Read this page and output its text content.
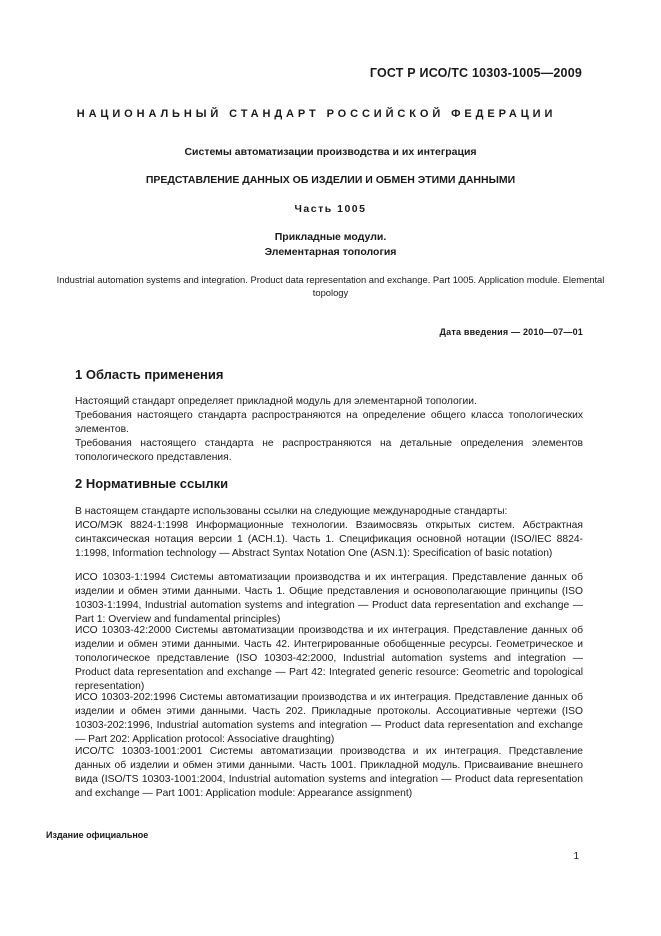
ГОСТ Р ИСО/ТС 10303-1005—2009
НАЦИОНАЛЬНЫЙ СТАНДАРТ РОССИЙСКОЙ ФЕДЕРАЦИИ
Системы автоматизации производства и их интеграция
ПРЕДСТАВЛЕНИЕ ДАННЫХ ОБ ИЗДЕЛИИ И ОБМЕН ЭТИМИ ДАННЫМИ
Часть 1005
Прикладные модули.
Элементарная топология
Industrial automation systems and integration. Product data representation and exchange. Part 1005. Application module. Elemental topology
Дата введения — 2010—07—01
1 Область применения
Настоящий стандарт определяет прикладной модуль для элементарной топологии.
Требования настоящего стандарта распространяются на определение общего класса топологических элементов.
Требования настоящего стандарта не распространяются на детальные определения элементов топологического представления.
2 Нормативные ссылки
В настоящем стандарте использованы ссылки на следующие международные стандарты:
ИСО/МЭК 8824-1:1998 Информационные технологии. Взаимосвязь открытых систем. Абстрактная синтаксическая нотация версии 1 (АСН.1). Часть 1. Спецификация основной нотации (ISO/IEC 8824-1:1998, Information technology — Abstract Syntax Notation One (ASN.1): Specification of basic notation)
ИСО 10303-1:1994 Системы автоматизации производства и их интеграция. Представление данных об изделии и обмен этими данными. Часть 1. Общие представления и основополагающие принципы (ISO 10303-1:1994, Industrial automation systems and integration — Product data representation and exchange — Part 1: Overview and fundamental principles)
ИСО 10303-42:2000 Системы автоматизации производства и их интеграция. Представление данных об изделии и обмен этими данными. Часть 42. Интегрированные обобщенные ресурсы. Геометрическое и топологическое представление (ISO 10303-42:2000, Industrial automation systems and integration — Product data representation and exchange — Part 42: Integrated generic resource: Geometric and topological representation)
ИСО 10303-202:1996 Системы автоматизации производства и их интеграция. Представление данных об изделии и обмен этими данными. Часть 202. Прикладные протоколы. Ассоциативные чертежи (ISO 10303-202:1996, Industrial automation systems and integration — Product data representation and exchange — Part 202: Application protocol: Associative draughting)
ИСО/ТС 10303-1001:2001 Системы автоматизации производства и их интеграция. Представление данных об изделии и обмен этими данными. Часть 1001. Прикладной модуль. Присваивание внешнего вида (ISO/TS 10303-1001:2004, Industrial automation systems and integration — Product data representation and exchange — Part 1001: Application module: Appearance assignment)
Издание официальное
1
